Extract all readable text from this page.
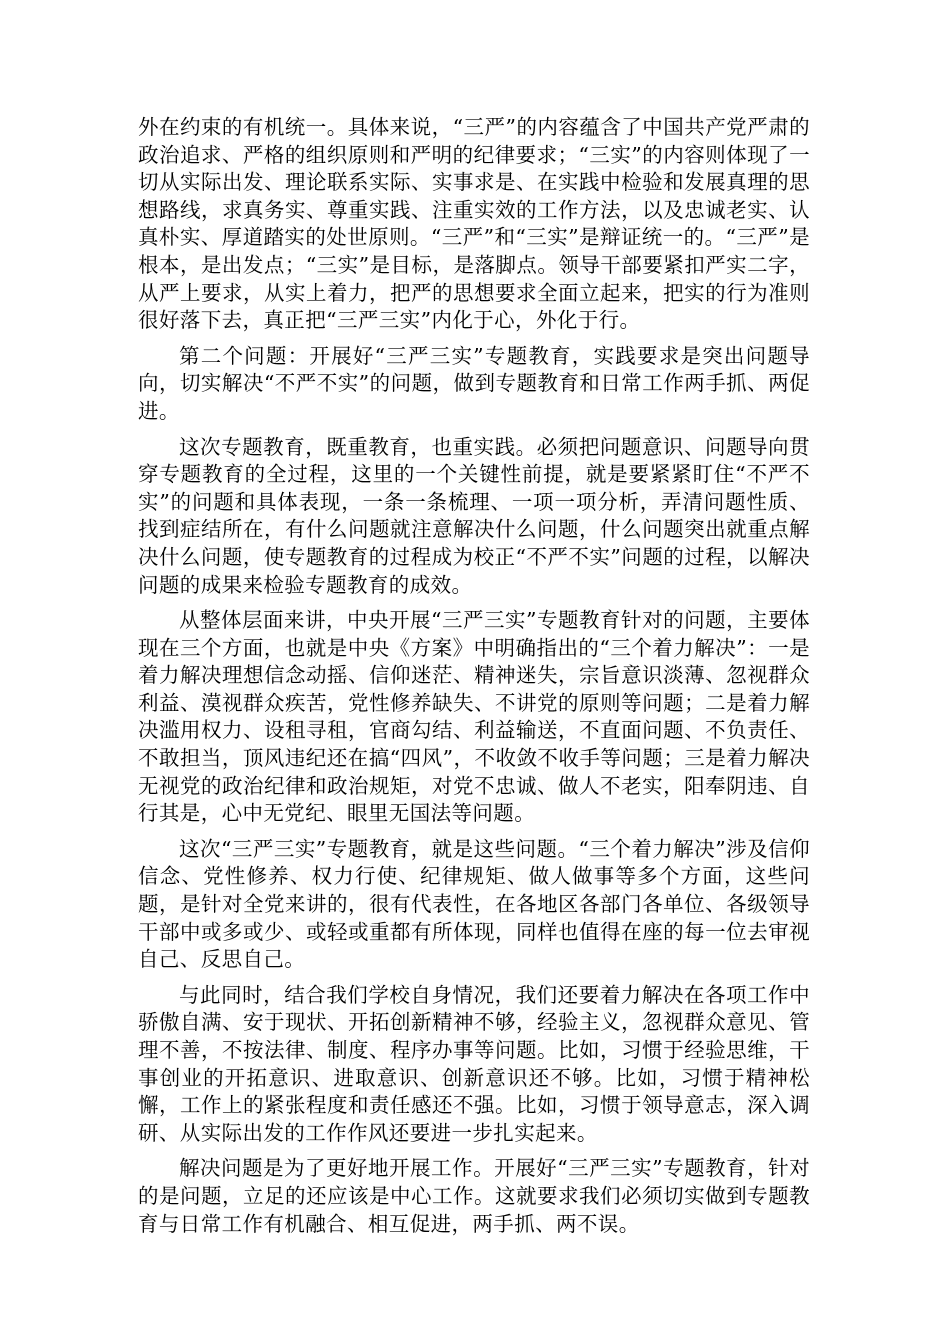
外在约束的有机统一。具体来说，“三严”的内容蕴含了中国共产党严肃的政治追求、严格的组织原则和严明的纪律要求；“三实”的内容则体现了一切从实际出发、理论联系实际、实事求是、在实践中检验和发展真理的思想路线，求真务实、尊重实践、注重实效的工作方法，以及忠诚老实、认真朴实、厚道踏实的处世原则。“三严”和“三实”是辩证统一的。“三严”是根本，是出发点；“三实”是目标，是落脚点。领导干部要紧扣严实二字，从严上要求，从实上着力，把严的思想要求全面立起来，把实的行为准则很好落下去，真正把“三严三实”内化于心，外化于行。

第二个问题：开展好“三严三实”专题教育，实践要求是突出问题导向，切实解决“不严不实”的问题，做到专题教育和日常工作两手抓、两促进。

这次专题教育，既重教育，也重实践。必须把问题意识、问题导向贯穿专题教育的全过程，这里的一个关键性前提，就是要紧紧盯住“不严不实”的问题和具体表现，一条一条梳理、一项一项分析，弄清问题性质、找到症结所在，有什么问题就注意解决什么问题，什么问题突出就重点解决什么问题，使专题教育的过程成为校正“不严不实”问题的过程，以解决问题的成果来检验专题教育的成效。

从整体层面来讲，中央开展“三严三实”专题教育针对的问题，主要体现在三个方面，也就是中央《方案》中明确指出的“三个着力解决”：一是着力解决理想信念动摇、信仰迷茫、精神迷失，宗旨意识淡薄、忽视群众利益、漠视群众疾苦，党性修养缺失、不讲党的原则等问题；二是着力解决滥用权力、设租寻租，官商勾结、利益输送，不直面问题、不负责任、不敢担当，顶风违纪还在搞“四风”，不收敛不收手等问题；三是着力解决无视党的政治纪律和政治规矩，对党不忠诚、做人不老实，阳奉阴违、自行其是，心中无党纪、眼里无国法等问题。

这次“三严三实”专题教育，就是这些问题。“三个着力解决”涉及信仰信念、党性修养、权力行使、纪律规矩、做人做事等多个方面，这些问题，是针对全党来讲的，很有代表性，在各地区各部门各单位、各级领导干部中或多或少、或轻或重都有所体现，同样也值得在座的每一位去审视自己、反思自己。

与此同时，结合我们学校自身情况，我们还要着力解决在各项工作中骄傲自满、安于现状、开拓创新精神不够，经验主义，忽视群众意见、管理不善，不按法律、制度、程序办事等问题。比如，习惯于经验思维，干事创业的开拓意识、进取意识、创新意识还不够。比如，习惯于精神松懈，工作上的紧张程度和责任感还不强。比如，习惯于领导意志，深入调研、从实际出发的工作作风还要进一步扎实起来。

解决问题是为了更好地开展工作。开展好“三严三实”专题教育，针对的是问题，立足的还应该是中心工作。这就要求我们必须切实做到专题教育与日常工作有机融合、相互促进，两手抓、两不误。
